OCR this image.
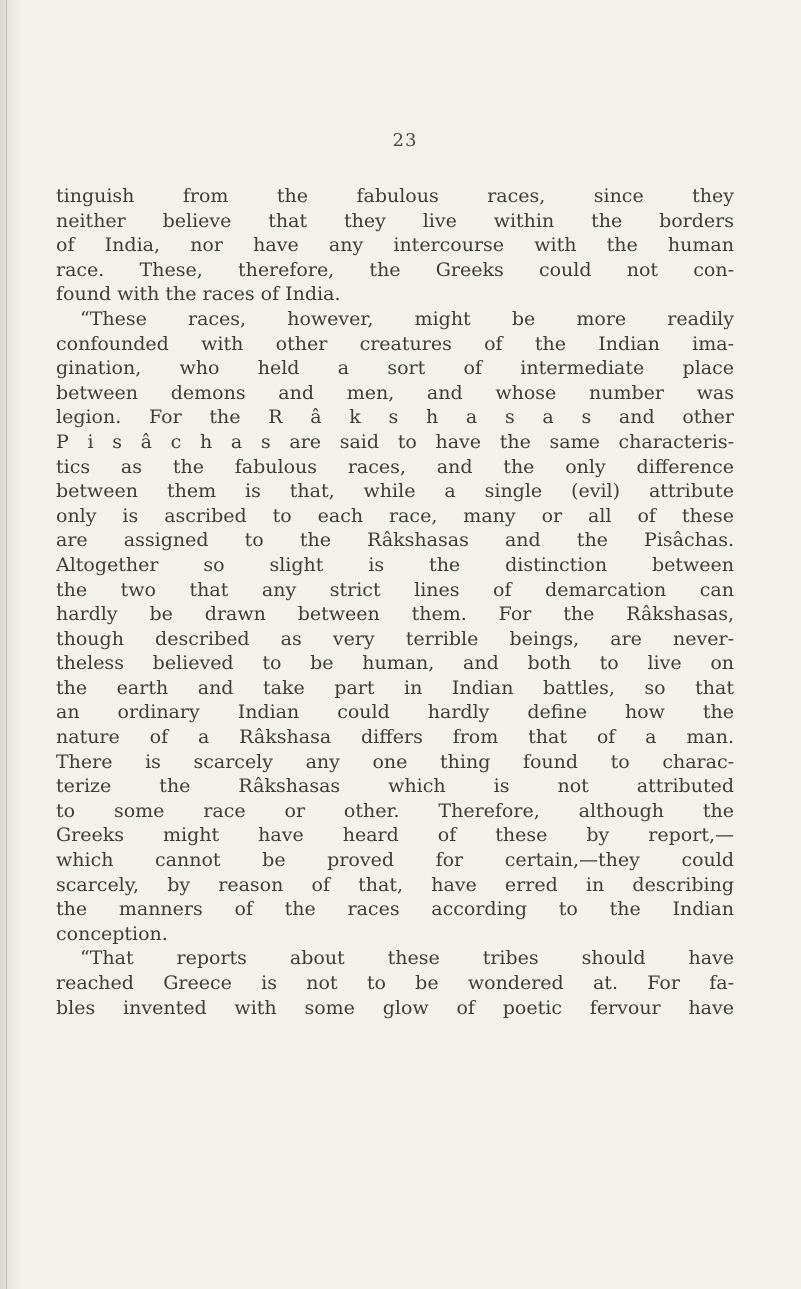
23
tinguish from the fabulous races, since they
neither believe that they live within the borders
of India, nor have any intercourse with the human
race. These, therefore, the Greeks could not con-
found with the races of India.
“These races, however, might be more readily
confounded with other creatures of the Indian ima-
gination, who held a sort of intermediate place
between demons and men, and whose number was
legion. For the R â k s h a s a s and other
P i s â c h a s are said to have the same characteris-
tics as the fabulous races, and the only difference
between them is that, while a single (evil) attribute
only is ascribed to each race, many or all of these
are assigned to the Râkshasas and the Pisâchas.
Altogether so slight is the distinction between
the two that any strict lines of demarcation can
hardly be drawn between them. For the Râkshasas,
though described as very terrible beings, are never-
theless believed to be human, and both to live on
the earth and take part in Indian battles, so that
an ordinary Indian could hardly define how the
nature of a Râkshasa differs from that of a man.
There is scarcely any one thing found to charac-
terize the Râkshasas which is not attributed
to some race or other. Therefore, although the
Greeks might have heard of these by report,—
which cannot be proved for certain,—they could
scarcely, by reason of that, have erred in describing
the manners of the races according to the Indian
conception.
“That reports about these tribes should have
reached Greece is not to be wondered at. For fa-
bles invented with some glow of poetic fervour have
